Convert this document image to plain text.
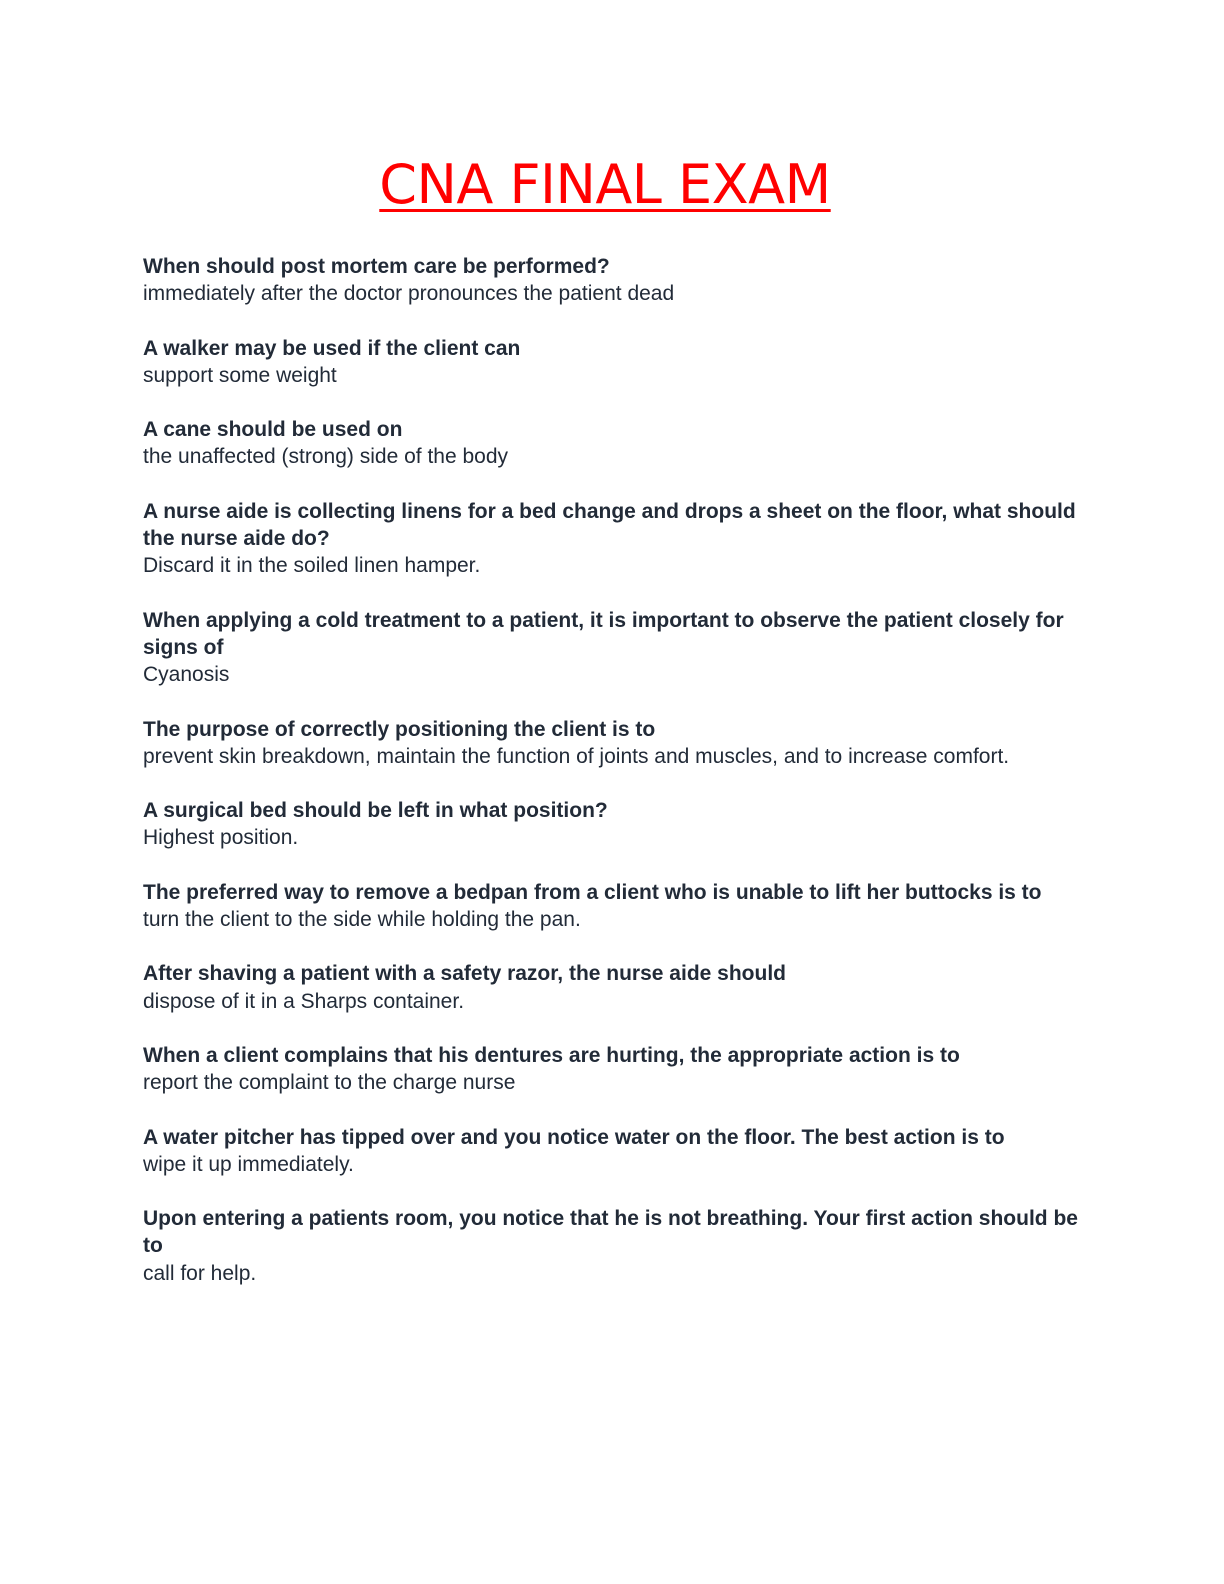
CNA FINAL EXAM

When should post mortem care be performed?

immediately after the doctor pronounces the patient dead

A walker may be used if the client can

support some weight

A cane should be used on

the unaffected (strong) side of the body

A nurse aide is collecting linens for a bed change and drops a sheet on the floor, what should the nurse aide do?

Discard it in the soiled linen hamper.

When applying a cold treatment to a patient, it is important to observe the patient closely for signs of

Cyanosis

The purpose of correctly positioning the client is to

prevent skin breakdown, maintain the function of joints and muscles, and to increase comfort.

A surgical bed should be left in what position?

Highest position.

The preferred way to remove a bedpan from a client who is unable to lift her buttocks is to

turn the client to the side while holding the pan.

After shaving a patient with a safety razor, the nurse aide should

dispose of it in a Sharps container.

When a client complains that his dentures are hurting, the appropriate action is to

report the complaint to the charge nurse

A water pitcher has tipped over and you notice water on the floor. The best action is to

wipe it up immediately.

Upon entering a patients room, you notice that he is not breathing. Your first action should be to

call for help.
